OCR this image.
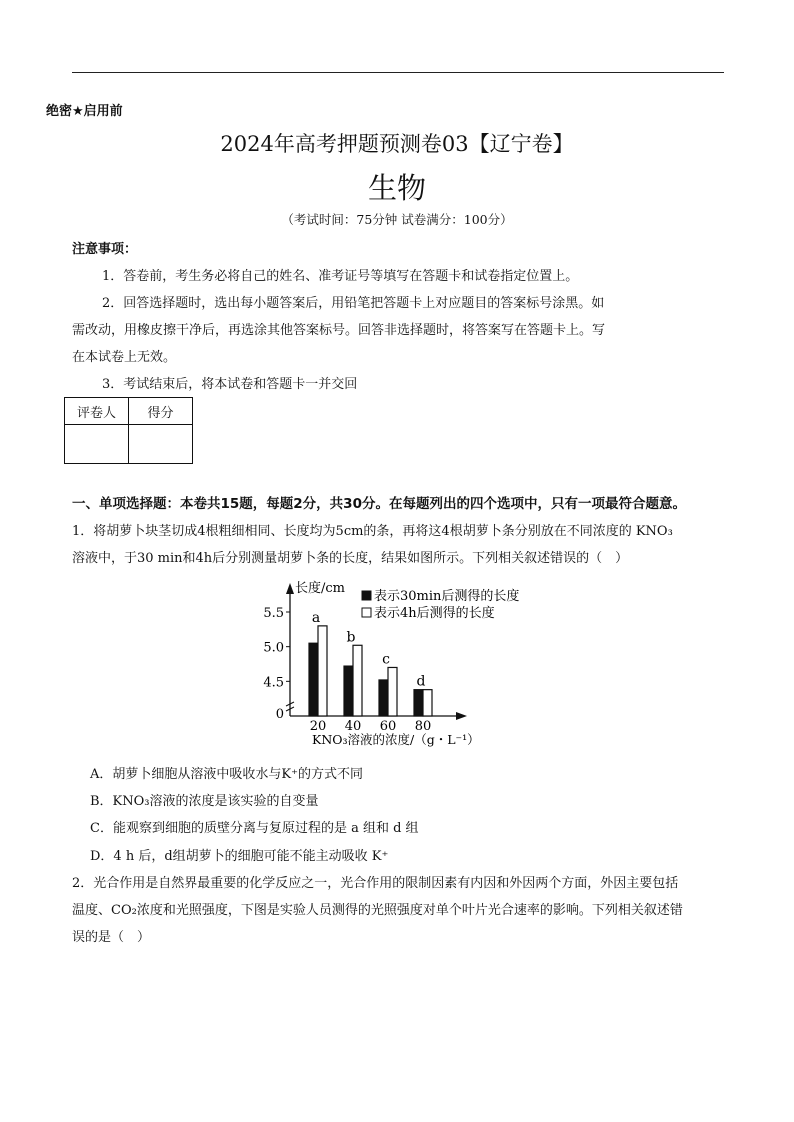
绝密★启用前
2024年高考押题预测卷03【辽宁卷】
生物
（考试时间：75分钟 试卷满分：100分）
注意事项：
1．答卷前，考生务必将自己的姓名、准考证号等填写在答题卡和试卷指定位置上。
2．回答选择题时，选出每小题答案后，用铅笔把答题卡上对应题目的答案标号涂黑。如
需改动，用橡皮擦干净后，再选涂其他答案标号。回答非选择题时，将答案写在答题卡上。写
在本试卷上无效。
3．考试结束后，将本试卷和答题卡一并交回
评卷人	得分

一、单项选择题：本卷共15题，每题2分，共30分。在每题列出的四个选项中，只有一项最符合题意。
1．将胡萝卜块茎切成4根粗细相同、长度均为5cm的条，再将这4根胡萝卜条分别放在不同浓度的 KNO₃
溶液中，于30 min和4h后分别测量胡萝卜条的长度，结果如图所示。下列相关叙述错误的（　）
长度/cm
KNO₃溶液的浓度/（g・L⁻¹）
表示30min后测得的长度
表示4h后测得的长度
5.5
5.0
4.5
0
a
20
b
40
c
60
d
80
A．胡萝卜细胞从溶液中吸收水与K⁺的方式不同
B．KNO₃溶液的浓度是该实验的自变量
C．能观察到细胞的质壁分离与复原过程的是 a 组和 d 组
D．4 h 后，d组胡萝卜的细胞可能不能主动吸收 K⁺
2．光合作用是自然界最重要的化学反应之一，光合作用的限制因素有内因和外因两个方面，外因主要包括
温度、CO₂浓度和光照强度，下图是实验人员测得的光照强度对单个叶片光合速率的影响。下列相关叙述错
误的是（　）
